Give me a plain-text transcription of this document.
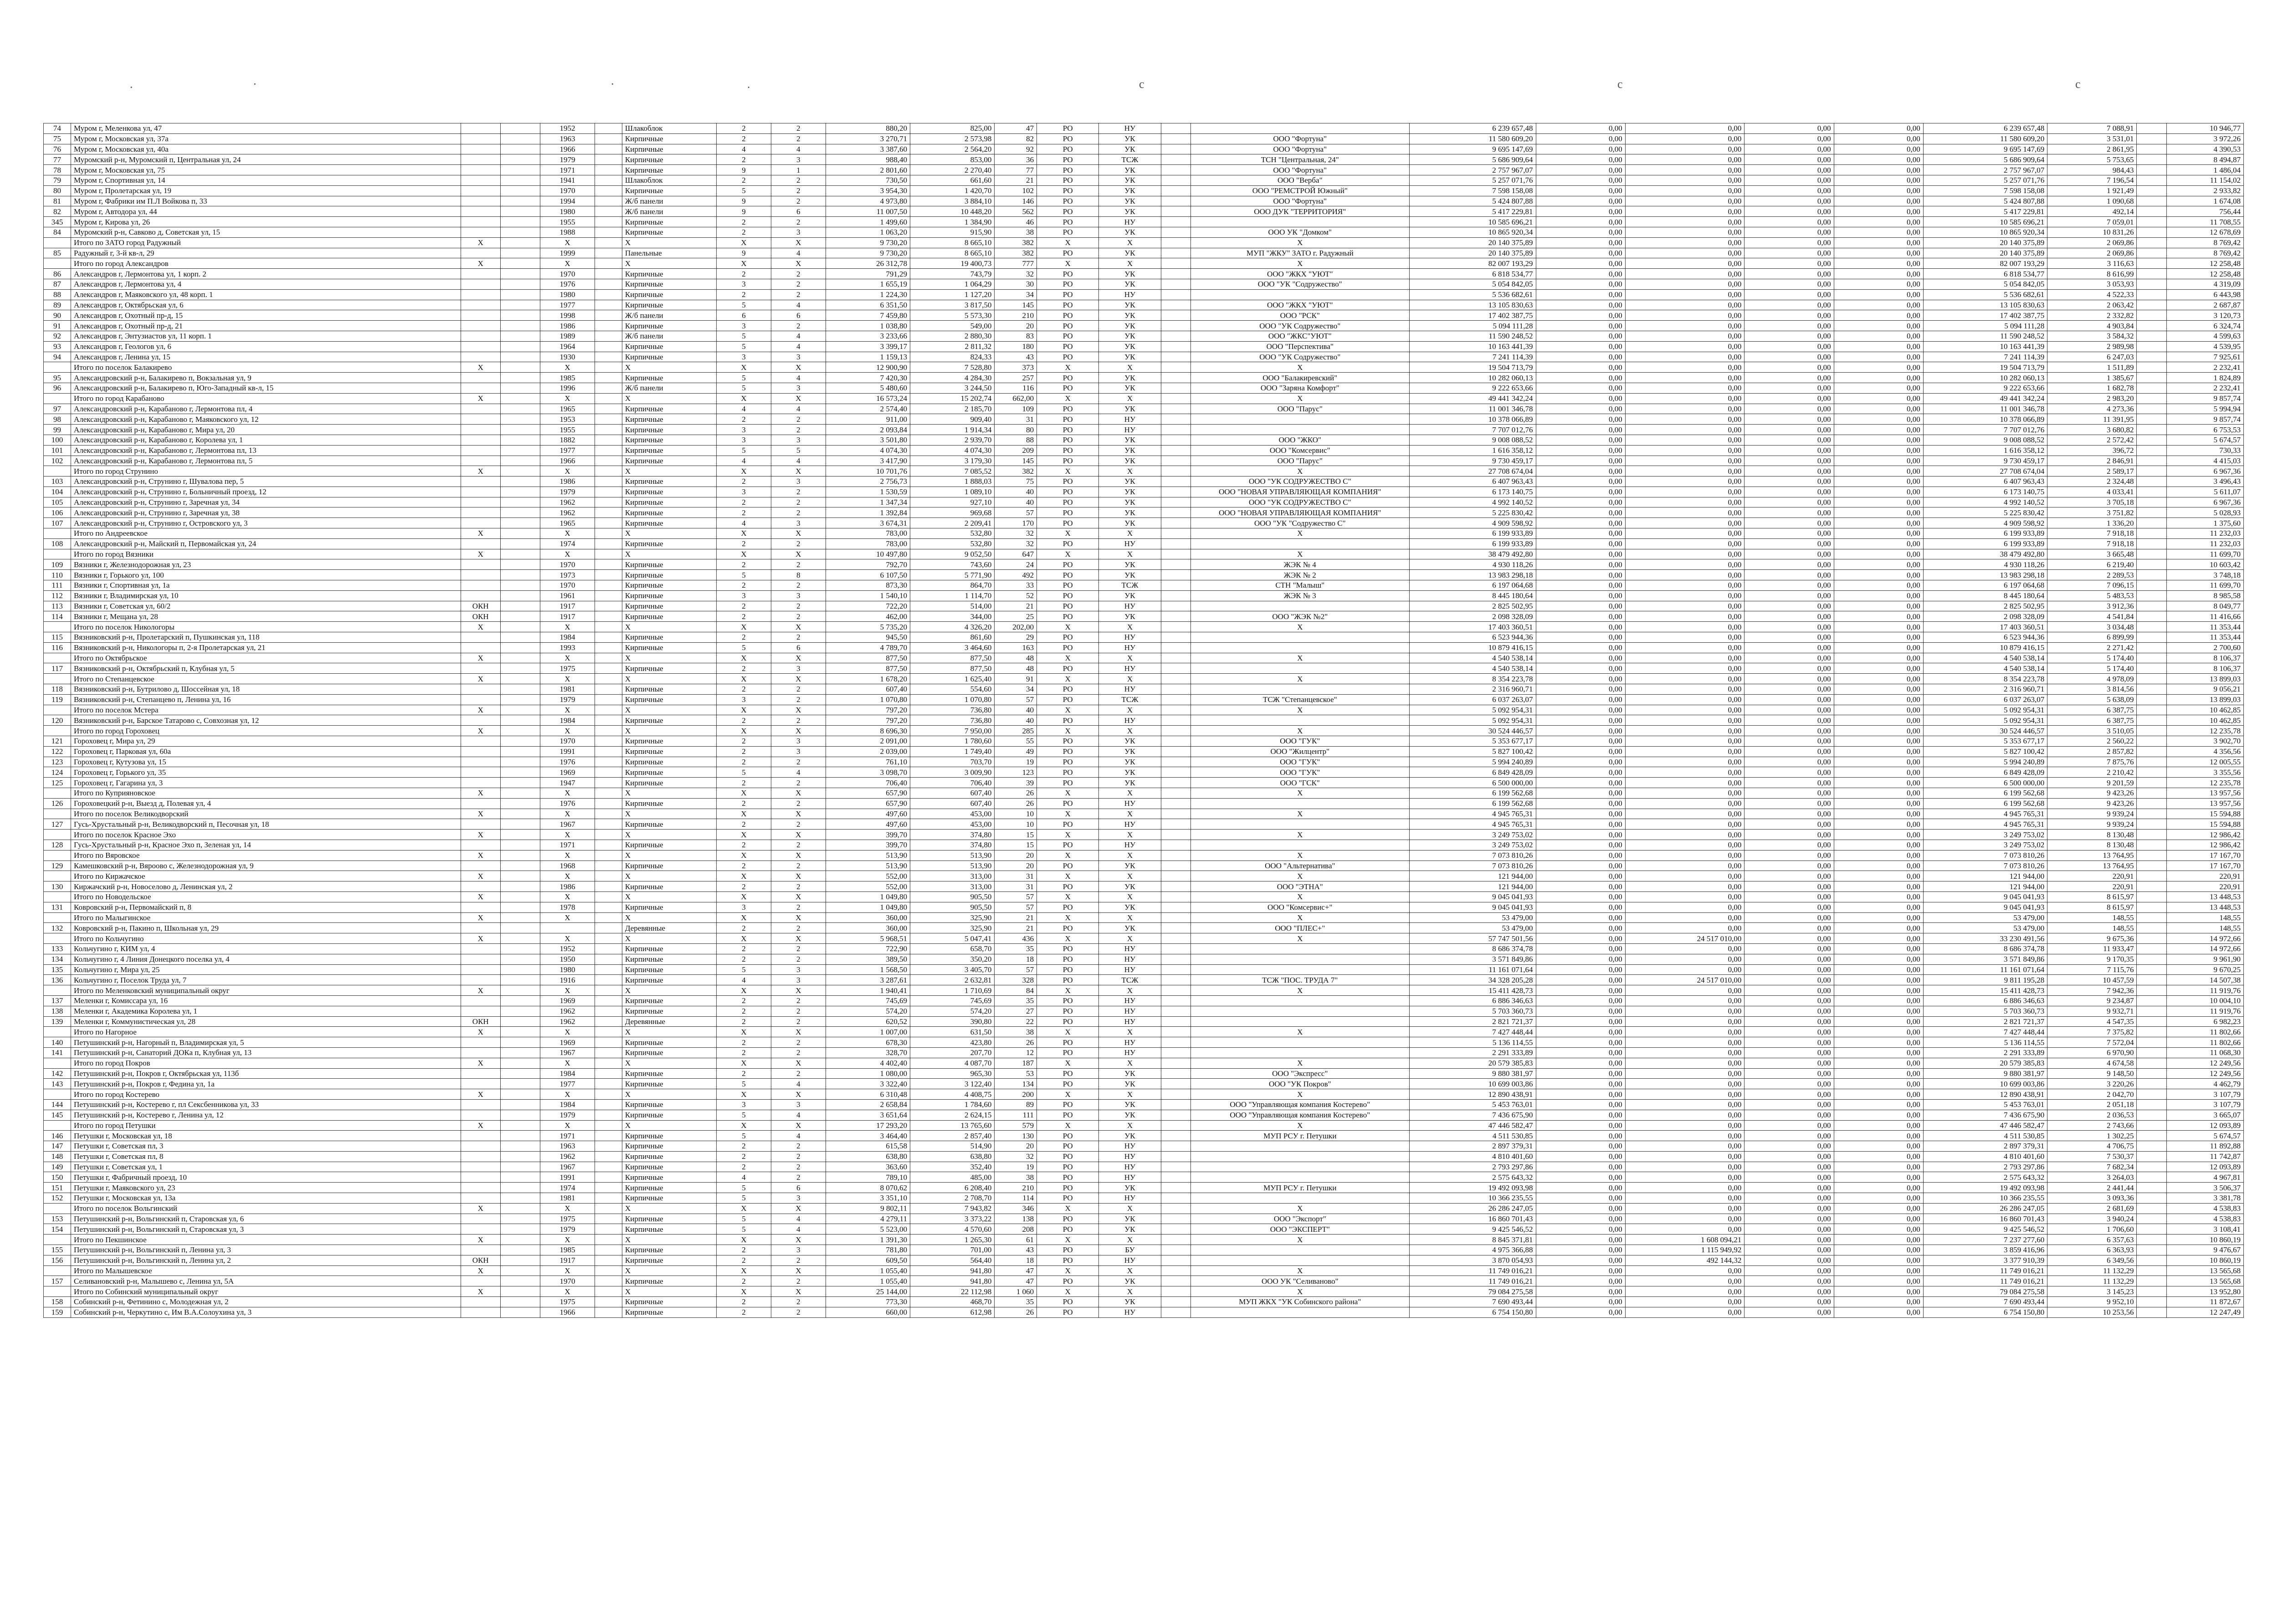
.	·	·	.	c	c	c
74	Муром г, Меленкова ул, 47			1952		Шлакоблок	2	2	880,20	825,00	47	РО	НУ			6 239 657,48	0,00	0,00	0,00	0,00	6 239 657,48	7 088,91		10 946,77
75	Муром г, Московская ул, 37а			1963		Кирпичные	2	2	3 270,71	2 573,98	82	РО	УК		ООО "Фортуна"	11 580 609,20	0,00	0,00	0,00	0,00	11 580 609,20	3 531,01		3 972,26
76	Муром г, Московская ул, 40а			1966		Кирпичные	4	4	3 387,60	2 564,20	92	РО	УК		ООО "Фортуна"	9 695 147,69	0,00	0,00	0,00	0,00	9 695 147,69	2 861,95		4 390,53
77	Муромский р-н, Муромский п, Центральная ул, 24			1979		Кирпичные	2	3	988,40	853,00	36	РО	ТСЖ		ТСН "Центральная, 24"	5 686 909,64	0,00	0,00	0,00	0,00	5 686 909,64	5 753,65		8 494,87
78	Муром г, Московская ул, 75			1971		Кирпичные	9	1	2 801,60	2 270,40	77	РО	УК		ООО "Фортуна"	2 757 967,07	0,00	0,00	0,00	0,00	2 757 967,07	984,43		1 486,04
79	Муром г, Спортивная ул, 14			1941		Шлакоблок	2	2	730,50	661,60	21	РО	УК		ООО "Верба"	5 257 071,76	0,00	0,00	0,00	0,00	5 257 071,76	7 196,54		11 154,02
80	Муром г, Пролетарская ул, 19			1970		Кирпичные	5	2	3 954,30	1 420,70	102	РО	УК		ООО "РЕМСТРОЙ Южный"	7 598 158,08	0,00	0,00	0,00	0,00	7 598 158,08	1 921,49		2 933,82
81	Муром г, Фабрики им П.Л Войкова п, 33			1994		Ж/б панели	9	2	4 973,80	3 884,10	146	РО	УК		ООО "Фортуна"	5 424 807,88	0,00	0,00	0,00	0,00	5 424 807,88	1 090,68		1 674,08
82	Муром г, Автодора ул, 44			1980		Ж/б панели	9	6	11 007,50	10 448,20	562	РО	УК		ООО ДУК "ТЕРРИТОРИЯ"	5 417 229,81	0,00	0,00	0,00	0,00	5 417 229,81	492,14		756,44
345	Муром г, Кирова ул, 26			1955		Кирпичные	2	2	1 499,60	1 384,90	46	РО	НУ			10 585 696,21	0,00	0,00	0,00	0,00	10 585 696,21	7 059,01		11 708,55
84	Муромский р-н, Савково д, Советская ул, 15			1988		Кирпичные	2	3	1 063,20	915,90	38	РО	УК		ООО УК "Домком"	10 865 920,34	0,00	0,00	0,00	0,00	10 865 920,34	10 831,26		12 678,69
	Итого по ЗАТО город Радужный	X		X		X	X	X	9 730,20	8 665,10	382	X	X		X	20 140 375,89	0,00	0,00	0,00	0,00	20 140 375,89	2 069,86		8 769,42
85	Радужный г, 3-й кв-л, 29			1999		Панельные	9	4	9 730,20	8 665,10	382	РО	УК		МУП "ЖКУ" ЗАТО г. Радужный	20 140 375,89	0,00	0,00	0,00	0,00	20 140 375,89	2 069,86		8 769,42
	Итого по город Александров	X		X		X	X	X	26 312,78	19 400,73	777	X	X		X	82 007 193,29	0,00	0,00	0,00	0,00	82 007 193,29	3 116,63		12 258,48
86	Александров г, Лермонтова ул, 1 корп. 2			1970		Кирпичные	2	2	791,29	743,79	32	РО	УК		ООО "ЖКХ "УЮТ"	6 818 534,77	0,00	0,00	0,00	0,00	6 818 534,77	8 616,99		12 258,48
87	Александров г, Лермонтова ул, 4			1976		Кирпичные	3	2	1 655,19	1 064,29	30	РО	УК		ООО "УК "Содружество"	5 054 842,05	0,00	0,00	0,00	0,00	5 054 842,05	3 053,93		4 319,09
88	Александров г, Маяковского ул, 48 корп. 1			1980		Кирпичные	2	2	1 224,30	1 127,20	34	РО	НУ			5 536 682,61	0,00	0,00	0,00	0,00	5 536 682,61	4 522,33		6 443,98
89	Александров г, Октябрьская ул, 6			1977		Кирпичные	5	4	6 351,50	3 817,50	145	РО	УК		ООО "ЖКХ "УЮТ"	13 105 830,63	0,00	0,00	0,00	0,00	13 105 830,63	2 063,42		2 687,87
90	Александров г, Охотный пр-д, 15			1998		Ж/б панели	6	6	7 459,80	5 573,30	210	РО	УК		ООО "РСК"	17 402 387,75	0,00	0,00	0,00	0,00	17 402 387,75	2 332,82		3 120,73
91	Александров г, Охотный пр-д, 21			1986		Кирпичные	3	2	1 038,80	549,00	20	РО	УК		ООО "УК Содружество"	5 094 111,28	0,00	0,00	0,00	0,00	5 094 111,28	4 903,84		6 324,74
92	Александров г, Энтузиастов ул, 11 корп. 1			1989		Ж/б панели	5	4	3 233,66	2 880,30	83	РО	УК		ООО "ЖКС"УЮТ"	11 590 248,52	0,00	0,00	0,00	0,00	11 590 248,52	3 584,32		4 599,63
93	Александров г, Геологов ул, 6			1964		Кирпичные	5	4	3 399,17	2 811,32	180	РО	УК		ООО "Перспектива"	10 163 441,39	0,00	0,00	0,00	0,00	10 163 441,39	2 989,98		4 539,95
94	Александров г, Ленина ул, 15			1930		Кирпичные	3	3	1 159,13	824,33	43	РО	УК		ООО "УК Содружество"	7 241 114,39	0,00	0,00	0,00	0,00	7 241 114,39	6 247,03		7 925,61
	Итого по поселок Балакирево	X		X		X	X	X	12 900,90	7 528,80	373	X	X		X	19 504 713,79	0,00	0,00	0,00	0,00	19 504 713,79	1 511,89		2 232,41
95	Александровский р-н, Балакирево п, Вокзальная ул, 9			1985		Кирпичные	5	4	7 420,30	4 284,30	257	РО	УК		ООО "Балакиревский"	10 282 060,13	0,00	0,00	0,00	0,00	10 282 060,13	1 385,67		1 824,89
96	Александровский р-н, Балакирево п, Юго-Западный кв-л, 15			1996		Ж/б панели	5	3	5 480,60	3 244,50	116	РО	УК		ООО "Заряна Комфорт"	9 222 653,66	0,00	0,00	0,00	0,00	9 222 653,66	1 682,78		2 232,41
	Итого по город Карабаново	X		X		X	X	X	16 573,24	15 202,74	662,00	X	X		X	49 441 342,24	0,00	0,00	0,00	0,00	49 441 342,24	2 983,20		9 857,74
97	Александровский р-н, Карабаново г, Лермонтова пл, 4			1965		Кирпичные	4	4	2 574,40	2 185,70	109	РО	УК		ООО "Парус"	11 001 346,78	0,00	0,00	0,00	0,00	11 001 346,78	4 273,36		5 994,94
98	Александровский р-н, Карабаново г, Маяковского ул, 12			1953		Кирпичные	2	2	911,00	909,40	31	РО	НУ			10 378 066,89	0,00	0,00	0,00	0,00	10 378 066,89	11 391,95		9 857,74
99	Александровский р-н, Карабаново г, Мира ул, 20			1955		Кирпичные	3	2	2 093,84	1 914,34	80	РО	НУ			7 707 012,76	0,00	0,00	0,00	0,00	7 707 012,76	3 680,82		6 753,53
100	Александровский р-н, Карабаново г, Королева ул, 1			1882		Кирпичные	3	3	3 501,80	2 939,70	88	РО	УК		ООО "ЖКО"	9 008 088,52	0,00	0,00	0,00	0,00	9 008 088,52	2 572,42		5 674,57
101	Александровский р-н, Карабаново г, Лермонтова пл, 13			1977		Кирпичные	5	5	4 074,30	4 074,30	209	РО	УК		ООО "Комсервис"	1 616 358,12	0,00	0,00	0,00	0,00	1 616 358,12	396,72		730,33
102	Александровский р-н, Карабаново г, Лермонтова пл, 5			1966		Кирпичные	4	4	3 417,90	3 179,30	145	РО	УК		ООО "Парус"	9 730 459,17	0,00	0,00	0,00	0,00	9 730 459,17	2 846,91		4 415,03
	Итого по город Струнино	X		X		X	X	X	10 701,76	7 085,52	382	X	X		X	27 708 674,04	0,00	0,00	0,00	0,00	27 708 674,04	2 589,17		6 967,36
103	Александровский р-н, Струнино г, Шувалова пер, 5			1986		Кирпичные	2	3	2 756,73	1 888,03	75	РО	УК		ООО "УК СОДРУЖЕСТВО С"	6 407 963,43	0,00	0,00	0,00	0,00	6 407 963,43	2 324,48		3 496,43
104	Александровский р-н, Струнино г, Больничный проезд, 12			1979		Кирпичные	3	2	1 530,59	1 089,10	40	РО	УК		ООО "НОВАЯ УПРАВЛЯЮЩАЯ КОМПАНИЯ"	6 173 140,75	0,00	0,00	0,00	0,00	6 173 140,75	4 033,41		5 611,07
105	Александровский р-н, Струнино г, Заречная ул, 34			1962		Кирпичные	2	2	1 347,34	927,10	40	РО	УК		ООО "УК СОДРУЖЕСТВО С"	4 992 140,52	0,00	0,00	0,00	0,00	4 992 140,52	3 705,18		6 967,36
106	Александровский р-н, Струнино г, Заречная ул, 38			1962		Кирпичные	2	2	1 392,84	969,68	57	РО	УК		ООО "НОВАЯ УПРАВЛЯЮЩАЯ КОМПАНИЯ"	5 225 830,42	0,00	0,00	0,00	0,00	5 225 830,42	3 751,82		5 028,93
107	Александровский р-н, Струнино г, Островского ул, 3			1965		Кирпичные	4	3	3 674,31	2 209,41	170	РО	УК		ООО "УК "Содружество С"	4 909 598,92	0,00	0,00	0,00	0,00	4 909 598,92	1 336,20		1 375,60
	Итого по Андреевское	X		X		X	X	X	783,00	532,80	32	X	X		X	6 199 933,89	0,00	0,00	0,00	0,00	6 199 933,89	7 918,18		11 232,03
108	Александровский р-н, Майский п, Первомайская ул, 24			1974		Кирпичные	2	2	783,00	532,80	32	РО	НУ			6 199 933,89	0,00	0,00	0,00	0,00	6 199 933,89	7 918,18		11 232,03
	Итого по город Вязники	X		X		X	X	X	10 497,80	9 052,50	647	X	X		X	38 479 492,80	0,00	0,00	0,00	0,00	38 479 492,80	3 665,48		11 699,70
109	Вязники г, Железнодорожная ул, 23			1970		Кирпичные	2	2	792,70	743,60	24	РО	УК		ЖЭК № 4	4 930 118,26	0,00	0,00	0,00	0,00	4 930 118,26	6 219,40		10 603,42
110	Вязники г, Горького ул, 100			1973		Кирпичные	5	8	6 107,50	5 771,90	492	РО	УК		ЖЭК № 2	13 983 298,18	0,00	0,00	0,00	0,00	13 983 298,18	2 289,53		3 748,18
111	Вязники г, Спортивная ул, 1а			1970		Кирпичные	2	2	873,30	864,70	33	РО	ТСЖ		СТН "Малыш"	6 197 064,68	0,00	0,00	0,00	0,00	6 197 064,68	7 096,15		11 699,70
112	Вязники г, Владимирская ул, 10			1961		Кирпичные	3	3	1 540,10	1 114,70	52	РО	УК		ЖЭК № 3	8 445 180,64	0,00	0,00	0,00	0,00	8 445 180,64	5 483,53		8 985,58
113	Вязники г, Советская ул, 60/2	ОКН		1917		Кирпичные	2	2	722,20	514,00	21	РО	НУ			2 825 502,95	0,00	0,00	0,00	0,00	2 825 502,95	3 912,36		8 049,77
114	Вязники г, Мещана ул, 28	ОКН		1917		Кирпичные	2	2	462,00	344,00	25	РО	УК		ООО "ЖЭК №2"	2 098 328,09	0,00	0,00	0,00	0,00	2 098 328,09	4 541,84		11 416,66
	Итого по поселок Никологоры	X		X		X	X	X	5 735,20	4 326,20	202,00	X	X		X	17 403 360,51	0,00	0,00	0,00	0,00	17 403 360,51	3 034,48		11 353,44
115	Вязниковский р-н, Пролетарский п, Пушкинская ул, 118			1984		Кирпичные	2	2	945,50	861,60	29	РО	НУ			6 523 944,36	0,00	0,00	0,00	0,00	6 523 944,36	6 899,99		11 353,44
116	Вязниковский р-н, Никологоры п, 2-я Пролетарская ул, 21			1993		Кирпичные	5	6	4 789,70	3 464,60	163	РО	НУ			10 879 416,15	0,00	0,00	0,00	0,00	10 879 416,15	2 271,42		2 700,60
	Итого по Октябрьское	X		X		X	X	X	877,50	877,50	48	X	X		X	4 540 538,14	0,00	0,00	0,00	0,00	4 540 538,14	5 174,40		8 106,37
117	Вязниковский р-н, Октябрьский п, Клубная ул, 5			1975		Кирпичные	2	3	877,50	877,50	48	РО	НУ			4 540 538,14	0,00	0,00	0,00	0,00	4 540 538,14	5 174,40		8 106,37
	Итого по Степанцевское	X		X		X	X	X	1 678,20	1 625,40	91	X	X		X	8 354 223,78	0,00	0,00	0,00	0,00	8 354 223,78	4 978,09		13 899,03
118	Вязниковский р-н, Бутрилово д, Шоссейная ул, 18			1981		Кирпичные	2	2	607,40	554,60	34	РО	НУ			2 316 960,71	0,00	0,00	0,00	0,00	2 316 960,71	3 814,56		9 056,21
119	Вязниковский р-н, Степанцево п, Ленина ул, 16			1979		Кирпичные	3	2	1 070,80	1 070,80	57	РО	ТСЖ		ТСЖ "Степанцевское"	6 037 263,07	0,00	0,00	0,00	0,00	6 037 263,07	5 638,09		13 899,03
	Итого по поселок Мстера	X		X		X	X	X	797,20	736,80	40	X	X		X	5 092 954,31	0,00	0,00	0,00	0,00	5 092 954,31	6 387,75		10 462,85
120	Вязниковский р-н, Барское Татарово с, Совхозная ул, 12			1984		Кирпичные	2	2	797,20	736,80	40	РО	НУ			5 092 954,31	0,00	0,00	0,00	0,00	5 092 954,31	6 387,75		10 462,85
	Итого по город Гороховец	X		X		X	X	X	8 696,30	7 950,00	285	X	X		X	30 524 446,57	0,00	0,00	0,00	0,00	30 524 446,57	3 510,05		12 235,78
121	Гороховец г, Мира ул, 29			1970		Кирпичные	2	3	2 091,00	1 780,60	55	РО	УК		ООО "ГУК"	5 353 677,17	0,00	0,00	0,00	0,00	5 353 677,17	2 560,22		3 902,70
122	Гороховец г, Парковая ул, 60а			1991		Кирпичные	2	3	2 039,00	1 749,40	49	РО	УК		ООО "Жилцентр"	5 827 100,42	0,00	0,00	0,00	0,00	5 827 100,42	2 857,82		4 356,56
123	Гороховец г, Кутузова ул, 15			1976		Кирпичные	2	2	761,10	703,70	19	РО	УК		ООО "ГУК"	5 994 240,89	0,00	0,00	0,00	0,00	5 994 240,89	7 875,76		12 005,55
124	Гороховец г, Горького ул, 35			1969		Кирпичные	5	4	3 098,70	3 009,90	123	РО	УК		ООО "ГУК"	6 849 428,09	0,00	0,00	0,00	0,00	6 849 428,09	2 210,42		3 355,56
125	Гороховец г, Гагарина ул, 3			1947		Кирпичные	2	2	706,40	706,40	39	РО	УК		ООО "ГСК"	6 500 000,00	0,00	0,00	0,00	0,00	6 500 000,00	9 201,59		12 235,78
	Итого по Куприяновское	X		X		X	X	X	657,90	607,40	26	X	X		X	6 199 562,68	0,00	0,00	0,00	0,00	6 199 562,68	9 423,26		13 957,56
126	Гороховецкий р-н, Выезд д, Полевая ул, 4			1976		Кирпичные	2	2	657,90	607,40	26	РО	НУ			6 199 562,68	0,00	0,00	0,00	0,00	6 199 562,68	9 423,26		13 957,56
	Итого по поселок Великодворский	X		X		X	X	X	497,60	453,00	10	X	X		X	4 945 765,31	0,00	0,00	0,00	0,00	4 945 765,31	9 939,24		15 594,88
127	Гусь-Хрустальный р-н, Великодворский п, Песочная ул, 18			1967		Кирпичные	2	2	497,60	453,00	10	РО	НУ			4 945 765,31	0,00	0,00	0,00	0,00	4 945 765,31	9 939,24		15 594,88
	Итого по поселок Красное Эхо	X		X		X	X	X	399,70	374,80	15	X	X		X	3 249 753,02	0,00	0,00	0,00	0,00	3 249 753,02	8 130,48		12 986,42
128	Гусь-Хрустальный р-н, Красное Эхо п, Зеленая ул, 14			1971		Кирпичные	2	2	399,70	374,80	15	РО	НУ			3 249 753,02	0,00	0,00	0,00	0,00	3 249 753,02	8 130,48		12 986,42
	Итого по Вяровское	X		X		X	X	X	513,90	513,90	20	X	X		X	7 073 810,26	0,00	0,00	0,00	0,00	7 073 810,26	13 764,95		17 167,70
129	Камешковский р-н, Вяроово с, Железнодорожная ул, 9			1968		Кирпичные	2	2	513,90	513,90	20	РО	УК		ООО "Альтернатива"	7 073 810,26	0,00	0,00	0,00	0,00	7 073 810,26	13 764,95		17 167,70
	Итого по Киржачское	X		X		X	X	X	552,00	313,00	31	X	X		X	121 944,00	0,00	0,00	0,00	0,00	121 944,00	220,91		220,91
130	Киржачский р-н, Новоселово д, Ленинская ул, 2			1986		Кирпичные	2	2	552,00	313,00	31	РО	УК		ООО "ЭТНА"	121 944,00	0,00	0,00	0,00	0,00	121 944,00	220,91		220,91
	Итого по Новодельское	X		X		X	X	X	1 049,80	905,50	57	X	X		X	9 045 041,93	0,00	0,00	0,00	0,00	9 045 041,93	8 615,97		13 448,53
131	Ковровский р-н, Первомайский п, 8			1978		Кирпичные	3	2	1 049,80	905,50	57	РО	УК		ООО "Комсервис+"	9 045 041,93	0,00	0,00	0,00	0,00	9 045 041,93	8 615,97		13 448,53
	Итого по Малыгинское	X		X		X	X	X	360,00	325,90	21	X	X		X	53 479,00	0,00	0,00	0,00	0,00	53 479,00	148,55		148,55
132	Ковровский р-н, Пакино п, Школьная ул, 29					Деревянные	2	2	360,00	325,90	21	РО	УК		ООО "ПЛЕС+"	53 479,00	0,00	0,00	0,00	0,00	53 479,00	148,55		148,55
	Итого по Кольчугино	X		X		X	X	X	5 968,51	5 047,41	436	X	X		X	57 747 501,56	0,00	24 517 010,00	0,00	0,00	33 230 491,56	9 675,36		14 972,66
133	Кольчугино г, КИМ ул, 4			1952		Кирпичные	2	2	722,90	658,70	35	РО	НУ			8 686 374,78	0,00	0,00	0,00	0,00	8 686 374,78	11 933,47		14 972,66
134	Кольчугино г, 4 Линия Донецкого поселка ул, 4			1950		Кирпичные	2	2	389,50	350,20	18	РО	НУ			3 571 849,86	0,00	0,00	0,00	0,00	3 571 849,86	9 170,35		9 961,90
135	Кольчугино г, Мира ул, 25			1980		Кирпичные	5	3	1 568,50	3 405,70	57	РО	НУ			11 161 071,64	0,00	0,00	0,00	0,00	11 161 071,64	7 115,76		9 670,25
136	Кольчугино г, Поселок Труда ул, 7			1916		Кирпичные	4	3	3 287,61	2 632,81	328	РО	ТСЖ		ТСЖ "ПОС. ТРУДА 7"	34 328 205,28	0,00	24 517 010,00	0,00	0,00	9 811 195,28	10 457,59		14 507,38
	Итого по Меленковский муниципальный округ	X		X		X	X	X	1 940,41	1 710,69	84	X	X		X	15 411 428,73	0,00	0,00	0,00	0,00	15 411 428,73	7 942,36		11 919,76
137	Меленки г, Комиссара ул, 16			1969		Кирпичные	2	2	745,69	745,69	35	РО	НУ			6 886 346,63	0,00	0,00	0,00	0,00	6 886 346,63	9 234,87		10 004,10
138	Меленки г, Академика Королева ул, 1			1962		Кирпичные	2	2	574,20	574,20	27	РО	НУ			5 703 360,73	0,00	0,00	0,00	0,00	5 703 360,73	9 932,71		11 919,76
139	Меленки г, Коммунистическая ул, 28	ОКН		1962		Деревянные	2	2	620,52	390,80	22	РО	НУ			2 821 721,37	0,00	0,00	0,00	0,00	2 821 721,37	4 547,35		6 982,23
	Итого по Нагорное	X		X		X	X	X	1 007,00	631,50	38	X	X		X	7 427 448,44	0,00	0,00	0,00	0,00	7 427 448,44	7 375,82		11 802,66
140	Петушинский р-н, Нагорный п, Владимирская ул, 5			1969		Кирпичные	2	2	678,30	423,80	26	РО	НУ			5 136 114,55	0,00	0,00	0,00	0,00	5 136 114,55	7 572,04		11 802,66
141	Петушинский р-н, Санаторий ДОКа п, Клубная ул, 13			1967		Кирпичные	2	2	328,70	207,70	12	РО	НУ			2 291 333,89	0,00	0,00	0,00	0,00	2 291 333,89	6 970,90		11 068,30
	Итого по город Покров	X		X		X	X	X	4 402,40	4 087,70	187	X	X		X	20 579 385,83	0,00	0,00	0,00	0,00	20 579 385,83	4 674,58		12 249,56
142	Петушинский р-н, Покров г, Октябрьская ул, 113б			1984		Кирпичные	2	2	1 080,00	965,30	53	РО	УК		ООО "Экспресс"	9 880 381,97	0,00	0,00	0,00	0,00	9 880 381,97	9 148,50		12 249,56
143	Петушинский р-н, Покров г, Федина ул, 1а			1977		Кирпичные	5	4	3 322,40	3 122,40	134	РО	УК		ООО "УК Покров"	10 699 003,86	0,00	0,00	0,00	0,00	10 699 003,86	3 220,26		4 462,79
	Итого по город Костерево	X		X		X	X	X	6 310,48	4 408,75	200	X	X		X	12 890 438,91	0,00	0,00	0,00	0,00	12 890 438,91	2 042,70		3 107,79
144	Петушинский р-н, Костерево г, пл Сексбенникова ул, 33			1984		Кирпичные	3	3	2 658,84	1 784,60	89	РО	УК		ООО "Управляющая компания Костерево"	5 453 763,01	0,00	0,00	0,00	0,00	5 453 763,01	2 051,18		3 107,79
145	Петушинский р-н, Костерево г, Ленина ул, 12			1979		Кирпичные	5	4	3 651,64	2 624,15	111	РО	УК		ООО "Управляющая компания Костерево"	7 436 675,90	0,00	0,00	0,00	0,00	7 436 675,90	2 036,53		3 665,07
	Итого по город Петушки	X		X		X	X	X	17 293,20	13 765,60	579	X	X		X	47 446 582,47	0,00	0,00	0,00	0,00	47 446 582,47	2 743,66		12 093,89
146	Петушки г, Московская ул, 18			1971		Кирпичные	5	4	3 464,40	2 857,40	130	РО	УК		МУП РСУ г. Петушки	4 511 530,85	0,00	0,00	0,00	0,00	4 511 530,85	1 302,25		5 674,57
147	Петушки г, Советская пл, 3			1963		Кирпичные	2	2	615,58	514,90	20	РО	НУ			2 897 379,31	0,00	0,00	0,00	0,00	2 897 379,31	4 706,75		11 892,88
148	Петушки г, Советская пл, 8			1962		Кирпичные	2	2	638,80	638,80	32	РО	НУ			4 810 401,60	0,00	0,00	0,00	0,00	4 810 401,60	7 530,37		11 742,87
149	Петушки г, Советская ул, 1			1967		Кирпичные	2	2	363,60	352,40	19	РО	НУ			2 793 297,86	0,00	0,00	0,00	0,00	2 793 297,86	7 682,34		12 093,89
150	Петушки г, Фабричный проезд, 10			1991		Кирпичные	4	2	789,10	485,00	38	РО	НУ			2 575 643,32	0,00	0,00	0,00	0,00	2 575 643,32	3 264,03		4 967,81
151	Петушки г, Маяковского ул, 23			1974		Кирпичные	5	6	8 070,62	6 208,40	210	РО	УК		МУП РСУ г. Петушки	19 492 093,98	0,00	0,00	0,00	0,00	19 492 093,98	2 441,44		3 506,37
152	Петушки г, Московская ул, 13а			1981		Кирпичные	5	3	3 351,10	2 708,70	114	РО	НУ			10 366 235,55	0,00	0,00	0,00	0,00	10 366 235,55	3 093,36		3 381,78
	Итого по поселок Вольгинский	X		X		X	X	X	9 802,11	7 943,82	346	X	X		X	26 286 247,05	0,00	0,00	0,00	0,00	26 286 247,05	2 681,69		4 538,83
153	Петушинский р-н, Вольгинский п, Старовская ул, 6			1975		Кирпичные	5	4	4 279,11	3 373,22	138	РО	УК		ООО "Экспорт"	16 860 701,43	0,00	0,00	0,00	0,00	16 860 701,43	3 940,24		4 538,83
154	Петушинский р-н, Вольгинский п, Старовская ул, 3			1979		Кирпичные	5	4	5 523,00	4 570,60	208	РО	УК		ООО "ЭКСПЕРТ"	9 425 546,52	0,00	0,00	0,00	0,00	9 425 546,52	1 706,60		3 108,41
	Итого по Пекшинское	X		X		X	X	X	1 391,30	1 265,30	61	X	X		X	8 845 371,81	0,00	1 608 094,21	0,00	0,00	7 237 277,60	6 357,63		10 860,19
155	Петушинский р-н, Вольгинский п, Ленина ул, 3			1985		Кирпичные	2	3	781,80	701,00	43	РО	БУ			4 975 366,88	0,00	1 115 949,92	0,00	0,00	3 859 416,96	6 363,93		9 476,67
156	Петушинский р-н, Вольгинский п, Ленина ул, 2	ОКН		1917		Кирпичные	2	2	609,50	564,40	18	РО	НУ			3 870 054,93	0,00	492 144,32	0,00	0,00	3 377 910,39	6 349,56		10 860,19
	Итого по Малышевское	X		X		X	X	X	1 055,40	941,80	47	X	X		X	11 749 016,21	0,00	0,00	0,00	0,00	11 749 016,21	11 132,29		13 565,68
157	Селивановский р-н, Малышево с, Ленина ул, 5А			1970		Кирпичные	2	2	1 055,40	941,80	47	РО	УК		ООО УК "Селиваново"	11 749 016,21	0,00	0,00	0,00	0,00	11 749 016,21	11 132,29		13 565,68
	Итого по Собинский муниципальный округ	X		X		X	X	X	25 144,00	22 112,98	1 060	X	X		X	79 084 275,58	0,00	0,00	0,00	0,00	79 084 275,58	3 145,23		13 952,80
158	Собинский р-н, Фетинино с, Молодежная ул, 2			1975		Кирпичные	2	2	773,30	468,70	35	РО	УК		МУП ЖКХ "УК Собинского района"	7 690 493,44	0,00	0,00	0,00	0,00	7 690 493,44	9 952,10		11 872,67
159	Собинский р-н, Черкутино с, Им В.А.Солоухина ул, 3			1966		Кирпичные	2	2	660,00	612,98	26	РО	НУ			6 754 150,80	0,00	0,00	0,00	0,00	6 754 150,80	10 253,56		12 247,49
